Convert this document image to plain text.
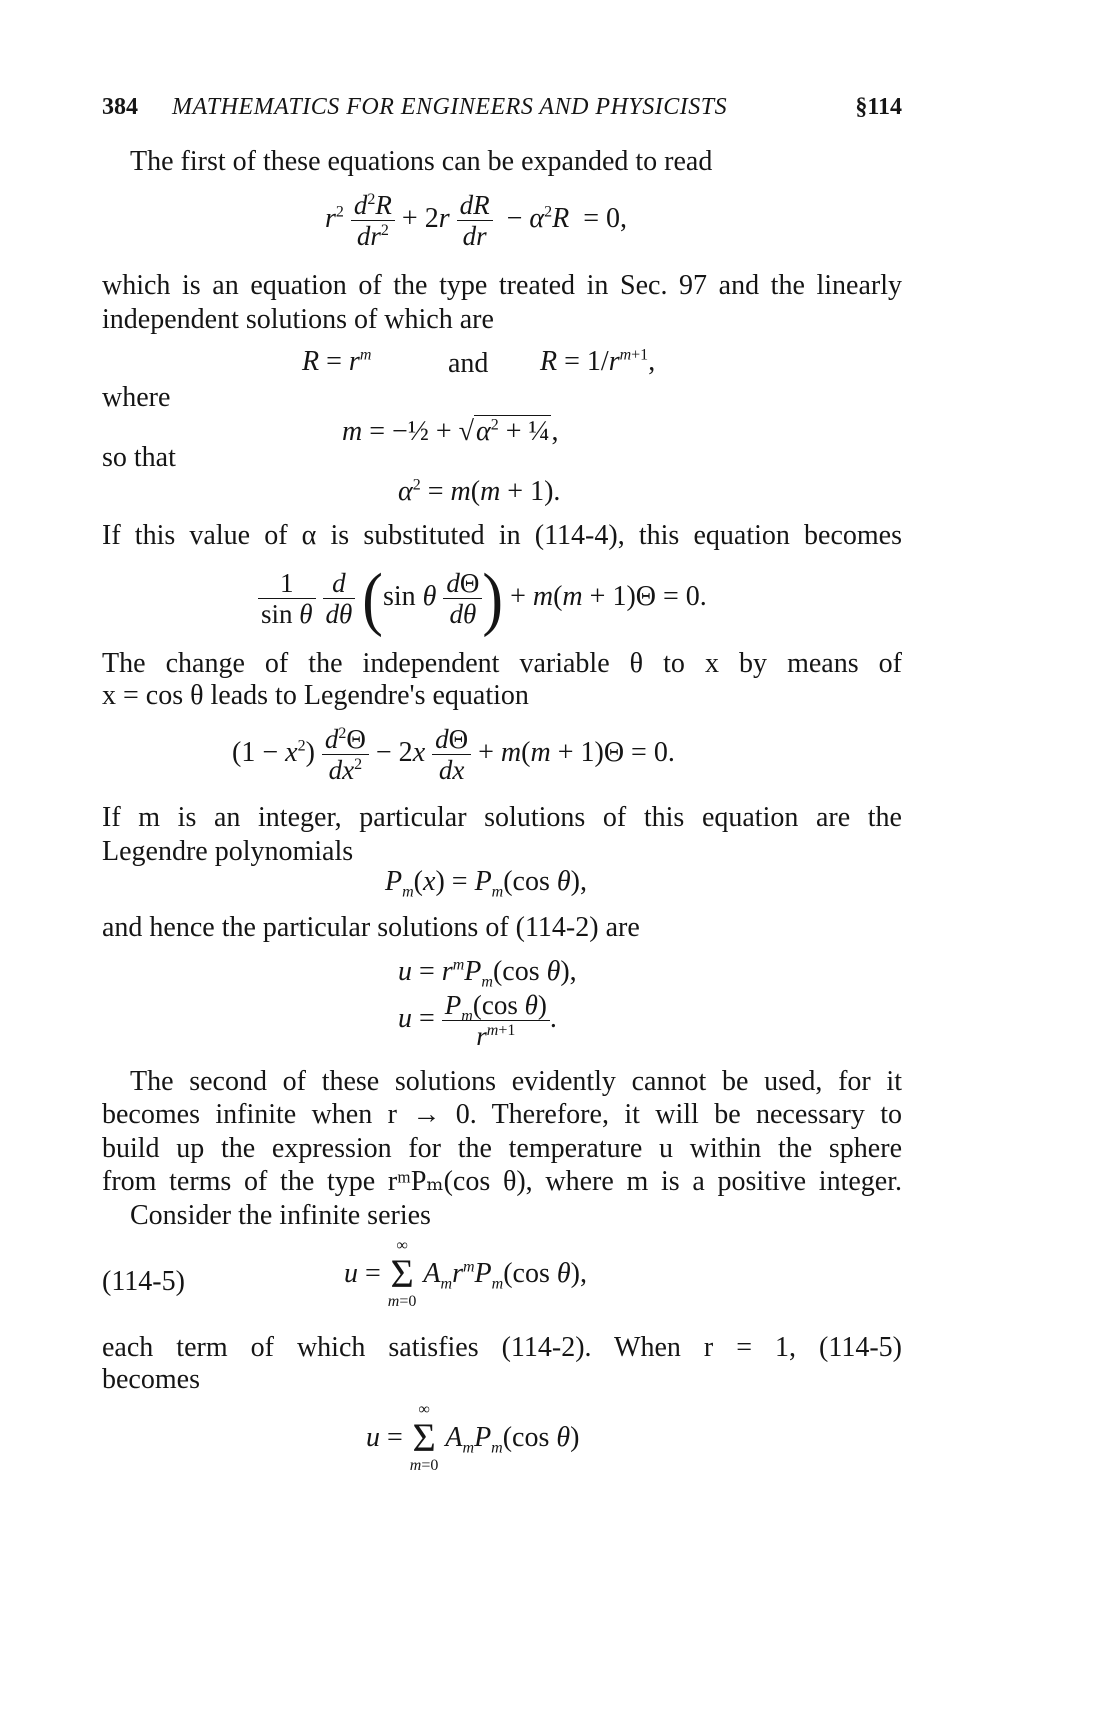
384 MATHEMATICS FOR ENGINEERS AND PHYSICISTS	§114
The first of these equations can be expanded to read
$r^2 \frac{d^2R}{dr^2} + 2r \frac{dR}{dr} - \alpha^2R = 0$,
which is an equation of the type treated in Sec. 97 and the linearly
independent solutions of which are
$R = r^m$	and $R = 1/r^{m+1}$,
where
m = −½ + $√\alpha^2$ + ¼,
so that
$\alpha^2 = m(m + 1)$.
If this value of α is substituted in (114-4), this equation becomes
$\frac{1}{\text{sin θ}}$
$\frac{d}{d\theta} (\sin$ θ $\frac{d\Theta}{d\theta}$ ) + m(m + 1)Θ = 0.
The change of the independent variable θ to x by means of
x = cos θ leads to Legendre's equation
$(1 - x^2) \frac{d^2\Theta}{dx^2} - 2x \frac{d\Theta}{dx} + m(m + 1)\Theta = 0$.
If m is an integer, particular solutions of this equation are the
Legendre polynomials
$P_m(x) = P_m(\cos$ θ),
and hence the particular solutions of (114-2) are
$u = r^mP_m(\cos$ θ),
$u = \frac{P_m(\cos \theta)}{r^{m+1}}$ .
The second of these solutions evidently cannot be used, for it
becomes infinite when r → 0. Therefore, it will be necessary to
build up the expression for the temperature u within the sphere
from terms of the type rᵐPₘ(cos θ), where m is a positive integer.
Consider the infinite series
(114-5)	u = ∞
Σ
m=0 $A_mr^mP_m(\cos$ θ),
each term of which satisfies (114-2). When r = 1, (114-5)
becomes
u = ∞
Σ
m=0 $A_mP_m(\cos$ θ)
